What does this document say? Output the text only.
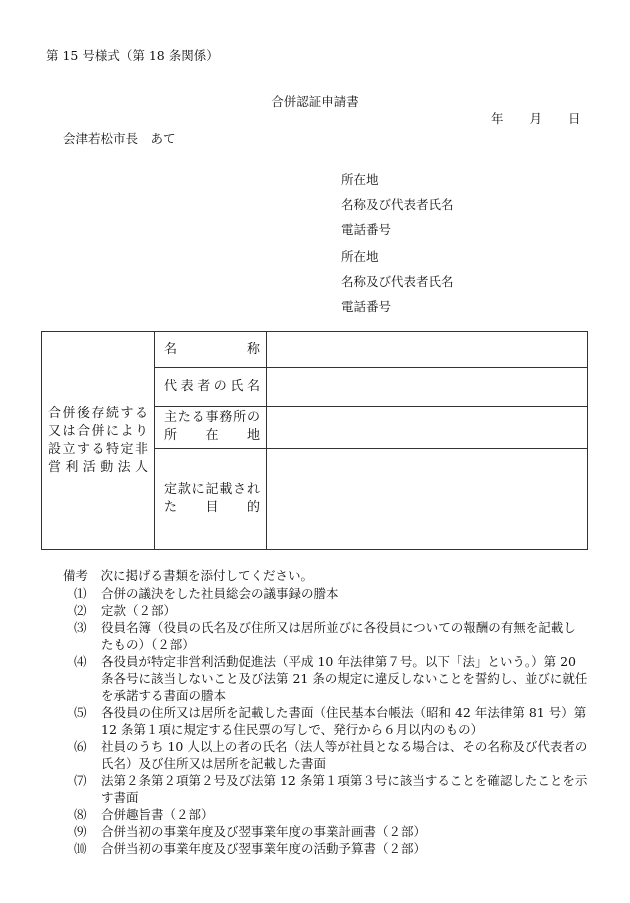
第 15 号様式（第 18 条関係）
合併認証申請書
年 月 日
会津若松市長　あて
所在地
名称及び代表者氏名
電話番号
所在地
名称及び代表者氏名
電話番号
合併後存続する又は合併により設立する特定非営利活動法人	名　　　称	

	代表者の氏名	

	主たる事務所の　所　在　地	

	定款に記載された目的	

備考　次に掲げる書類を添付してください。
⑴ 合併の議決をした社員総会の議事録の謄本
⑵ 定款（２部）
⑶ 役員名簿（役員の氏名及び住所又は居所並びに各役員についての報酬の有無を記載したもの）（２部）
⑷ 各役員が特定非営利活動促進法（平成 10 年法律第７号。以下「法」という。）第 20 条各号に該当しないこと及び法第 21 条の規定に違反しないことを誓約し、並びに就任を承諾する書面の謄本
⑸ 各役員の住所又は居所を記載した書面（住民基本台帳法（昭和 42 年法律第 81 号）第 12 条第１項に規定する住民票の写しで、発行から６月以内のもの）
⑹ 社員のうち 10 人以上の者の氏名（法人等が社員となる場合は、その名称及び代表者の氏名）及び住所又は居所を記載した書面
⑺ 法第２条第２項第２号及び法第 12 条第１項第３号に該当することを確認したことを示す書面
⑻ 合併趣旨書（２部）
⑼ 合併当初の事業年度及び翌事業年度の事業計画書（２部）
⑽ 合併当初の事業年度及び翌事業年度の活動予算書（２部）
